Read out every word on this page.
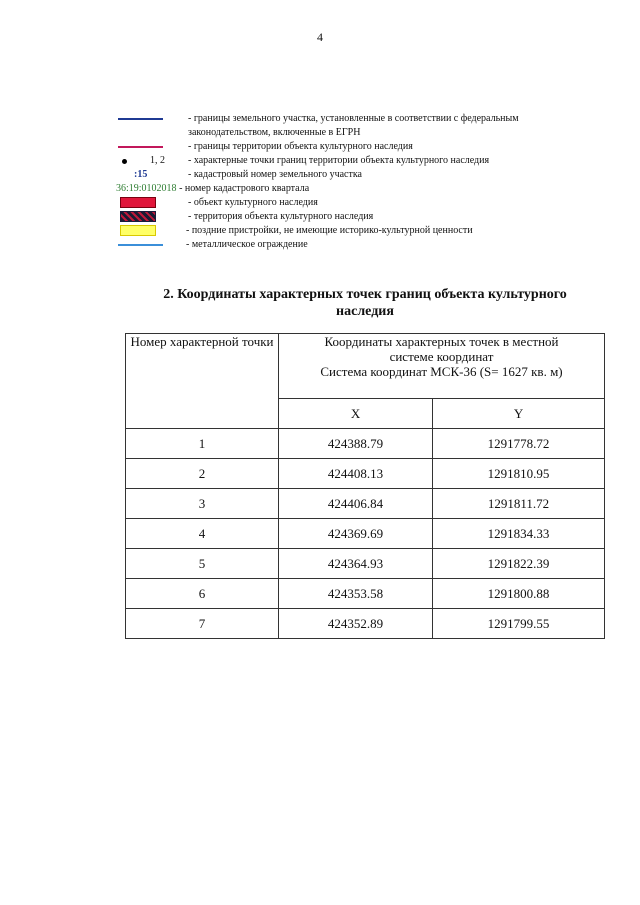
4
- границы земельного участка, установленные в соответствии с федеральным законодательством, включенные в ЕГРН
- границы территории объекта культурного наследия
1, 2 - характерные точки границ территории объекта культурного наследия
:15	- кадастровый номер земельного участка
36:19:0102018 - номер кадастрового квартала
- объект культурного наследия
- территория объекта культурного наследия
- поздние пристройки, не имеющие историко-культурной ценности
- металлическое ограждение
2. Координаты характерных точек границ объекта культурного
наследия
Номер характерной точки	Координаты характерных точек в местной
системе координат
Система координат МСК-36 (S= 1627 кв. м)	

	X	Y
1	424388.79	1291778.72
2	424408.13	1291810.95
3	424406.84	1291811.72
4	424369.69	1291834.33
5	424364.93	1291822.39
6	424353.58	1291800.88
7	424352.89	1291799.55
